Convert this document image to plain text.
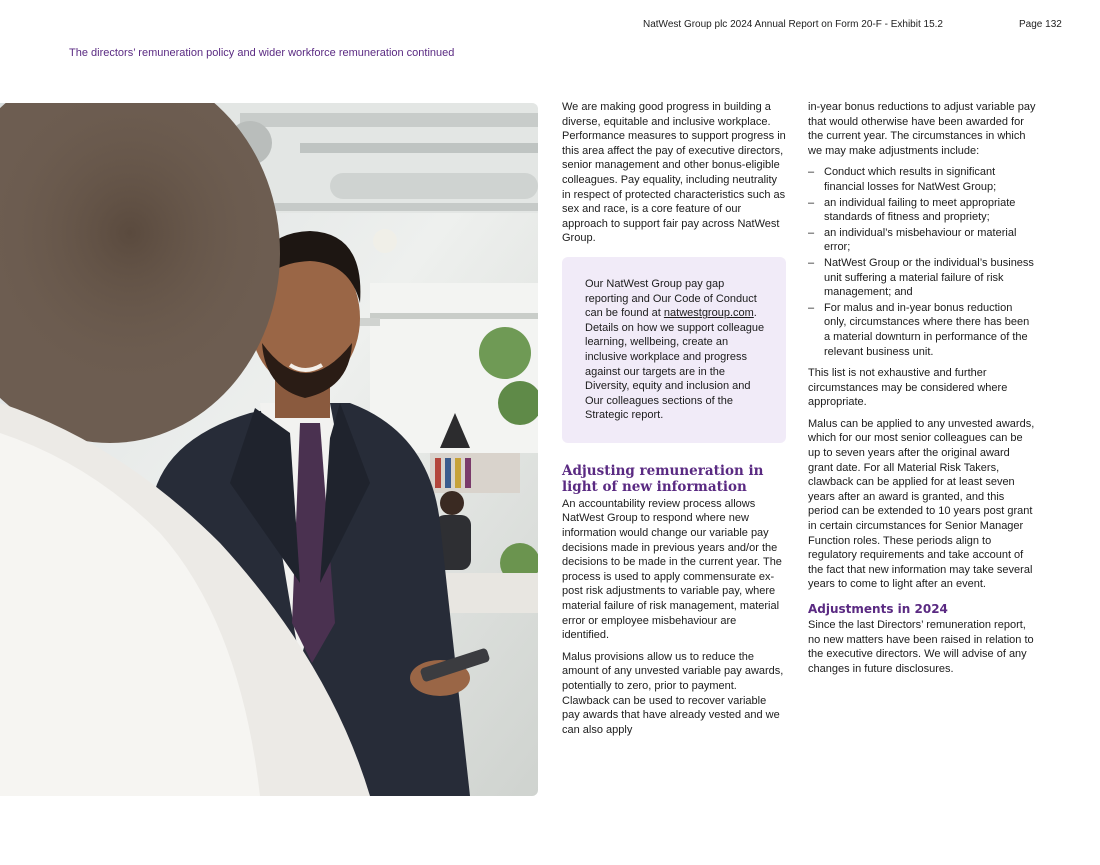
NatWest Group plc 2024 Annual Report on Form 20-F - Exhibit 15.2	Page 132
The directors’ remuneration policy and wider workforce remuneration continued

We are making good progress in building a diverse, equitable and inclusive workplace. Performance measures to support progress in this area affect the pay of executive directors, senior management and other bonus-eligible colleagues. Pay equality, including neutrality in respect of protected characteristics such as sex and race, is a core feature of our approach to support fair pay across NatWest Group.

Our NatWest Group pay gap reporting and Our Code of Conduct can be found at natwestgroup.com. Details on how we support colleague learning, wellbeing, create an inclusive workplace and progress against our targets are in the Diversity, equity and inclusion and Our colleagues sections of the Strategic report.

Adjusting remuneration in light of new information

An accountability review process allows NatWest Group to respond where new information would change our variable pay decisions made in previous years and/or the decisions to be made in the current year. The process is used to apply commensurate ex-post risk adjustments to variable pay, where material failure of risk management, material error or employee misbehaviour are identified.

Malus provisions allow us to reduce the amount of any unvested variable pay awards, potentially to zero, prior to payment. Clawback can be used to recover variable pay awards that have already vested and we can also apply

in-year bonus reductions to adjust variable pay that would otherwise have been awarded for the current year. The circumstances in which we may make adjustments include:

– Conduct which results in significant financial losses for NatWest Group;
– an individual failing to meet appropriate standards of fitness and propriety;
– an individual’s misbehaviour or material error;
– NatWest Group or the individual’s business unit suffering a material failure of risk management; and
– For malus and in-year bonus reduction only, circumstances where there has been a material downturn in performance of the relevant business unit.

This list is not exhaustive and further circumstances may be considered where appropriate.

Malus can be applied to any unvested awards, which for our most senior colleagues can be up to seven years after the original award grant date. For all Material Risk Takers, clawback can be applied for at least seven years after an award is granted, and this period can be extended to 10 years post grant in certain circumstances for Senior Manager Function roles. These periods align to regulatory requirements and take account of the fact that new information may take several years to come to light after an event.

Adjustments in 2024

Since the last Directors’ remuneration report, no new matters have been raised in relation to the executive directors. We will advise of any changes in future disclosures.
